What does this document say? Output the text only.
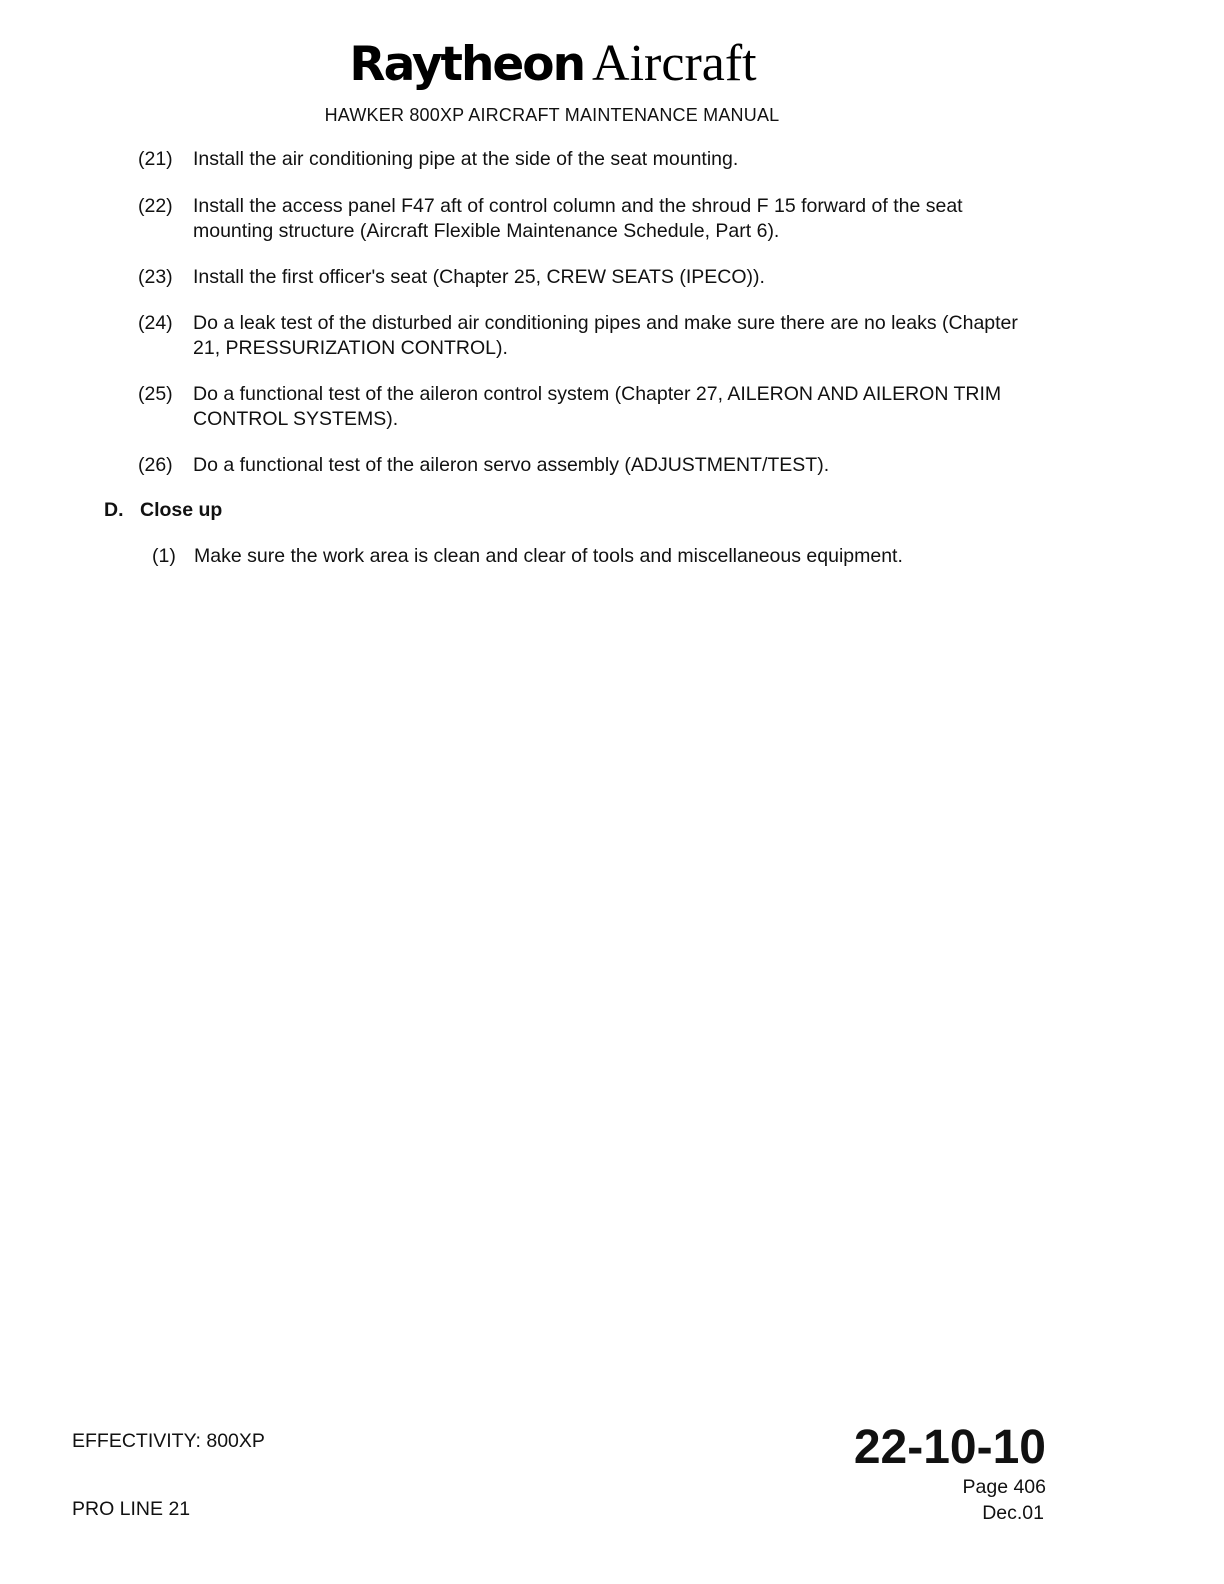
Raytheon Aircraft
HAWKER 800XP AIRCRAFT MAINTENANCE MANUAL
(21) Install the air conditioning pipe at the side of the seat mounting.
(22) Install the access panel F47 aft of control column and the shroud F 15 forward of the seat mounting structure (Aircraft Flexible Maintenance Schedule, Part 6).
(23) Install the first officer's seat (Chapter 25, CREW SEATS (IPECO)).
(24) Do a leak test of the disturbed air conditioning pipes and make sure there are no leaks (Chapter 21, PRESSURIZATION CONTROL).
(25) Do a functional test of the aileron control system (Chapter 27, AILERON AND AILERON TRIM CONTROL SYSTEMS).
(26) Do a functional test of the aileron servo assembly (ADJUSTMENT/TEST).
D. Close up
(1) Make sure the work area is clean and clear of tools and miscellaneous equipment.
EFFECTIVITY: 800XP
PRO LINE 21
22-10-10
Page 406
Dec.01
